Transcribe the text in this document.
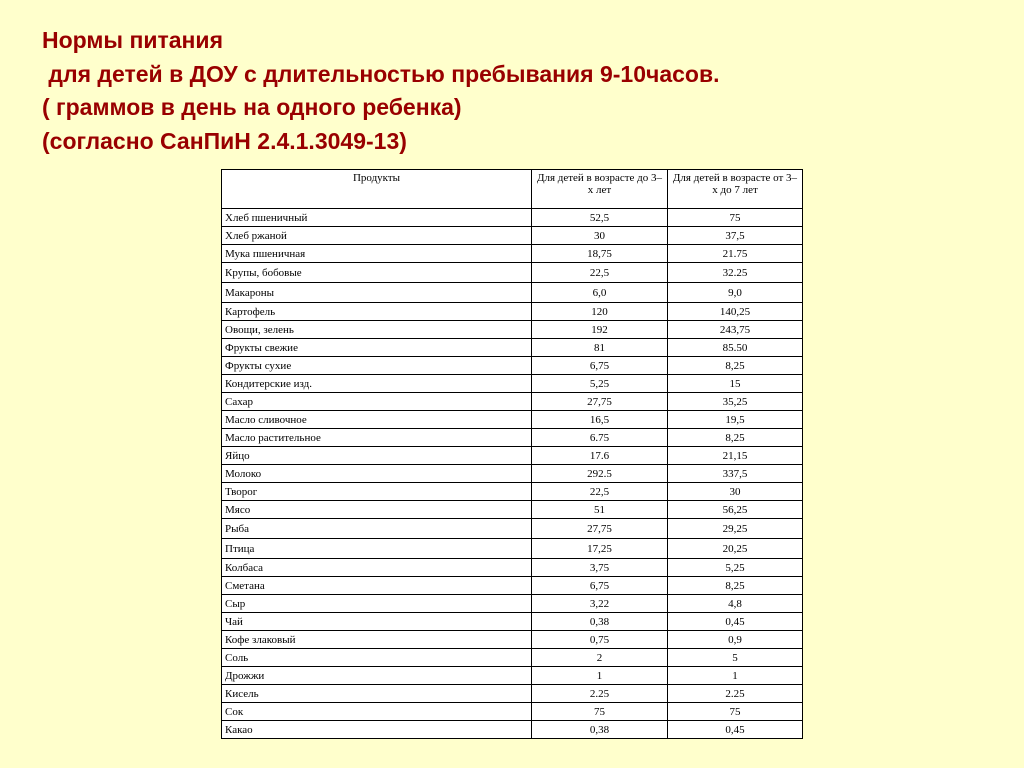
Нормы питания
для детей в ДОУ с длительностью пребывания 9-10часов.
( граммов в день на одного ребенка)
(согласно СанПиН 2.4.1.3049-13)
Продукты	Для детей в возрасте до 3–х лет	Для детей в возрасте от 3–х до 7 лет
Хлеб пшеничный	52,5	75
Хлеб ржаной	30	37,5
Мука пшеничная	18,75	21.75
Крупы, бобовые	22,5	32.25
Макароны	6,0	9,0
Картофель	120	140,25
Овощи, зелень	192	243,75
Фрукты свежие	81	85.50
Фрукты сухие	6,75	8,25
Кондитерские изд.	5,25	15
Сахар	27,75	35,25
Масло сливочное	16,5	19,5
Масло растительное	6.75	8,25
Яйцо	17.6	21,15
Молоко	292.5	337,5
Творог	22,5	30
Мясо	51	56,25
Рыба	27,75	29,25
Птица	17,25	20,25
Колбаса	3,75	5,25
Сметана	6,75	8,25
Сыр	3,22	4,8
Чай	0,38	0,45
Кофе злаковый	0,75	0,9
Соль	2	5
Дрожжи	1	1
Кисель	2.25	2.25
Сок	75	75
Какао	0,38	0,45
